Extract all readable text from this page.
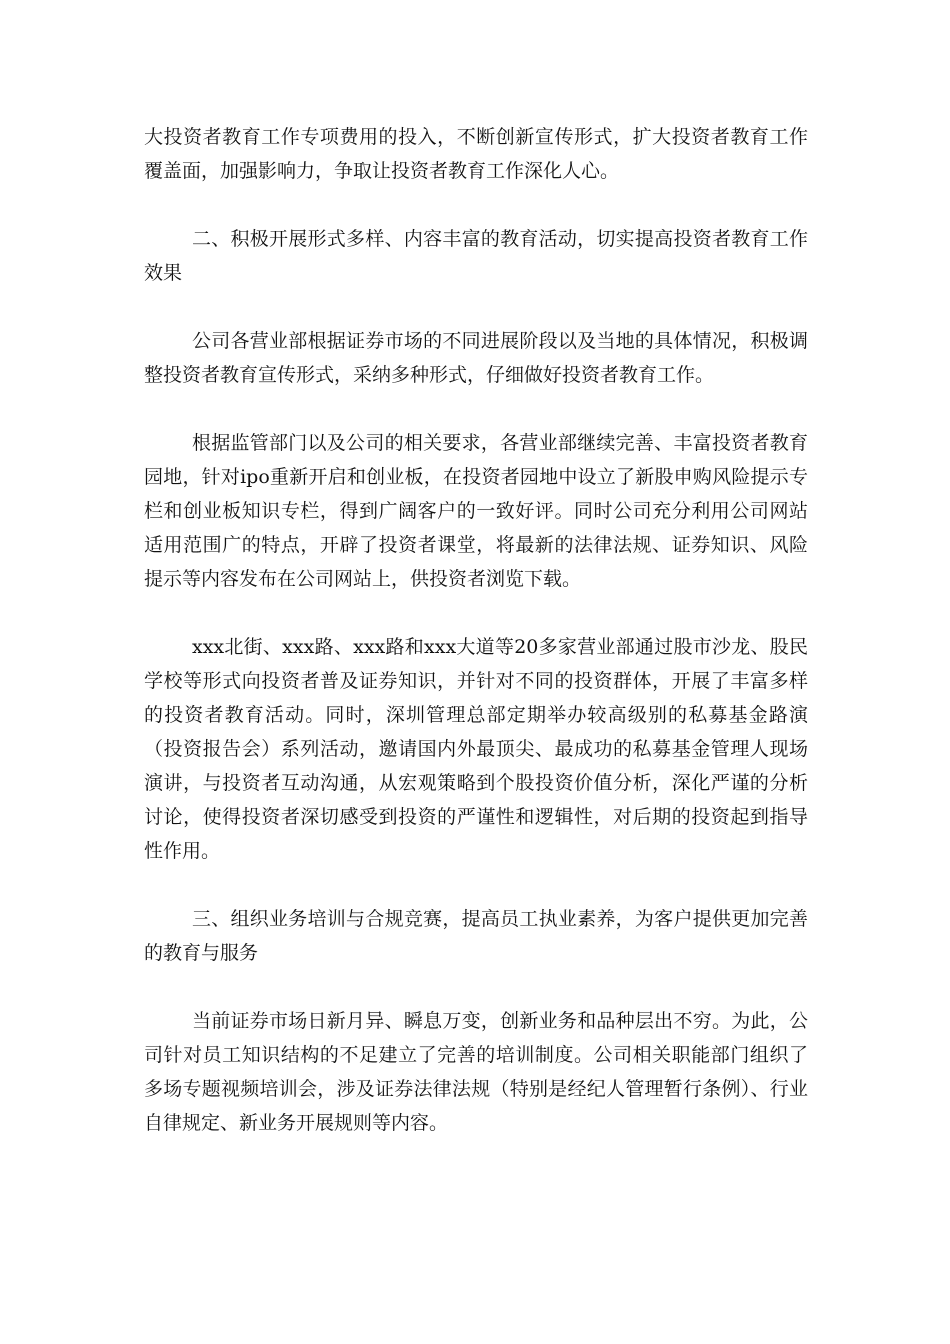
大投资者教育工作专项费用的投入，不断创新宣传形式，扩大投资者教育工作覆盖面，加强影响力，争取让投资者教育工作深化人心。

二、积极开展形式多样、内容丰富的教育活动，切实提高投资者教育工作效果

公司各营业部根据证券市场的不同进展阶段以及当地的具体情况，积极调整投资者教育宣传形式，采纳多种形式，仔细做好投资者教育工作。

根据监管部门以及公司的相关要求，各营业部继续完善、丰富投资者教育园地，针对ipo重新开启和创业板，在投资者园地中设立了新股申购风险提示专栏和创业板知识专栏，得到广阔客户的一致好评。同时公司充分利用公司网站适用范围广的特点，开辟了投资者课堂，将最新的法律法规、证券知识、风险提示等内容发布在公司网站上，供投资者浏览下载。

xxx北街、xxx路、xxx路和xxx大道等20多家营业部通过股市沙龙、股民学校等形式向投资者普及证券知识，并针对不同的投资群体，开展了丰富多样的投资者教育活动。同时，深圳管理总部定期举办较高级别的私募基金路演（投资报告会）系列活动，邀请国内外最顶尖、最成功的私募基金管理人现场演讲，与投资者互动沟通，从宏观策略到个股投资价值分析，深化严谨的分析讨论，使得投资者深切感受到投资的严谨性和逻辑性，对后期的投资起到指导性作用。

三、组织业务培训与合规竞赛，提高员工执业素养，为客户提供更加完善的教育与服务

当前证券市场日新月异、瞬息万变，创新业务和品种层出不穷。为此，公司针对员工知识结构的不足建立了完善的培训制度。公司相关职能部门组织了多场专题视频培训会，涉及证券法律法规（特别是经纪人管理暂行条例）、行业自律规定、新业务开展规则等内容。
